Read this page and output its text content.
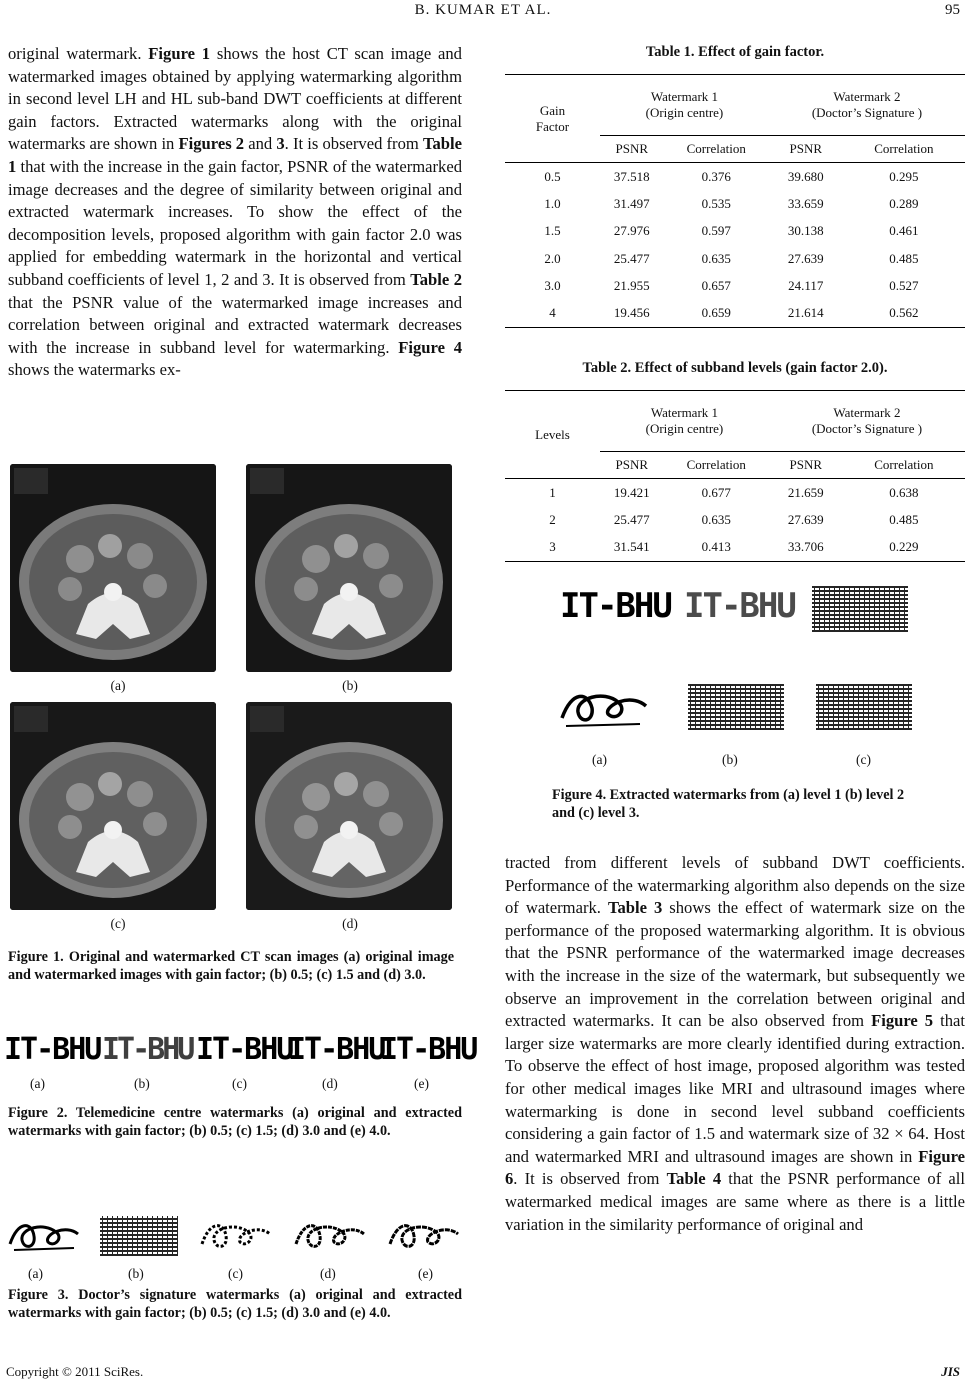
B. KUMAR ET AL.	95

original watermark. Figure 1 shows the host CT scan image and watermarked images obtained by applying watermarking algorithm in second level LH and HL sub-band DWT coefficients at different gain factors. Extracted watermarks along with the original watermarks are shown in Figures 2 and 3. It is observed from Table 1 that with the increase in the gain factor, PSNR of the watermarked image decreases and the degree of similarity between original and extracted watermark increases. To show the effect of the decomposition levels, proposed algorithm with gain factor 2.0 was applied for embedding watermark in the horizontal and vertical subband coefficients of level 1, 2 and 3. It is observed from Table 2 that the PSNR value of the watermarked image increases and correlation between original and extracted watermark decreases with the increase in subband level for watermarking. Figure 4 shows the watermarks ex-

(a)	(b)
(c)	(d)

Figure 1. Original and watermarked CT scan images (a) original image and watermarked images with gain factor; (b) 0.5; (c) 1.5 and (d) 3.0.

IT-BHU IT-BHU IT-BHU
IT-BHU
IT-BHU
(a)	(b)	(c)	(d)	(e)

Figure 2. Telemedicine centre watermarks (a) original and extracted watermarks with gain factor; (b) 0.5; (c) 1.5; (d) 3.0 and (e) 4.0.

(a)	(b)	(c)	(d)	(e)

Figure 3. Doctor’s signature watermarks (a) original and extracted watermarks with gain factor; (b) 0.5; (c) 1.5; (d) 3.0 and (e) 4.0.

Table 1. Effect of gain factor.
Gain
Factor	Watermark 1
(Origin centre)		Watermark 2
(Doctor’s Signature )	
	PSNR	Correlation	PSNR	Correlation
0.5	37.518	0.376	39.680	0.295
1.0	31.497	0.535	33.659	0.289
1.5	27.976	0.597	30.138	0.461
2.0	25.477	0.635	27.639	0.485
3.0	21.955	0.657	24.117	0.527
4	19.456	0.659	21.614	0.562
Table 2. Effect of subband levels (gain factor 2.0).
Levels	Watermark 1
(Origin centre)		Watermark 2
(Doctor’s Signature )	
	PSNR	Correlation	PSNR	Correlation
1	19.421	0.677	21.659	0.638
2	25.477	0.635	27.639	0.485
3	31.541	0.413	33.706	0.229
IT-BHU IT-BHU
(a)	(b)	(c)

Figure 4. Extracted watermarks from (a) level 1 (b) level 2 and (c) level 3.

tracted from different levels of subband DWT coefficients. Performance of the watermarking algorithm also depends on the size of watermark. Table 3 shows the effect of watermark size on the performance of the proposed watermarking algorithm. It is obvious that the PSNR performance of the watermarked image decreases with the increase in the size of the watermark, but subsequently we observe an improvement in the correlation between original and extracted watermarks. It can be also observed from Figure 5 that larger size watermarks are more clearly identified during extraction. To observe the effect of host image, proposed algorithm was tested for other medical images like MRI and ultrasound images where watermarking is done in second level subband coefficients considering a gain factor of 1.5 and watermark size of 32 × 64. Host and watermarked MRI and ultrasound images are shown in Figure 6. It is observed from Table 4 that the PSNR performance of all watermarked medical images are same where as there is a little variation in the similarity performance of original and

Copyright © 2011 SciRes.	JIS
